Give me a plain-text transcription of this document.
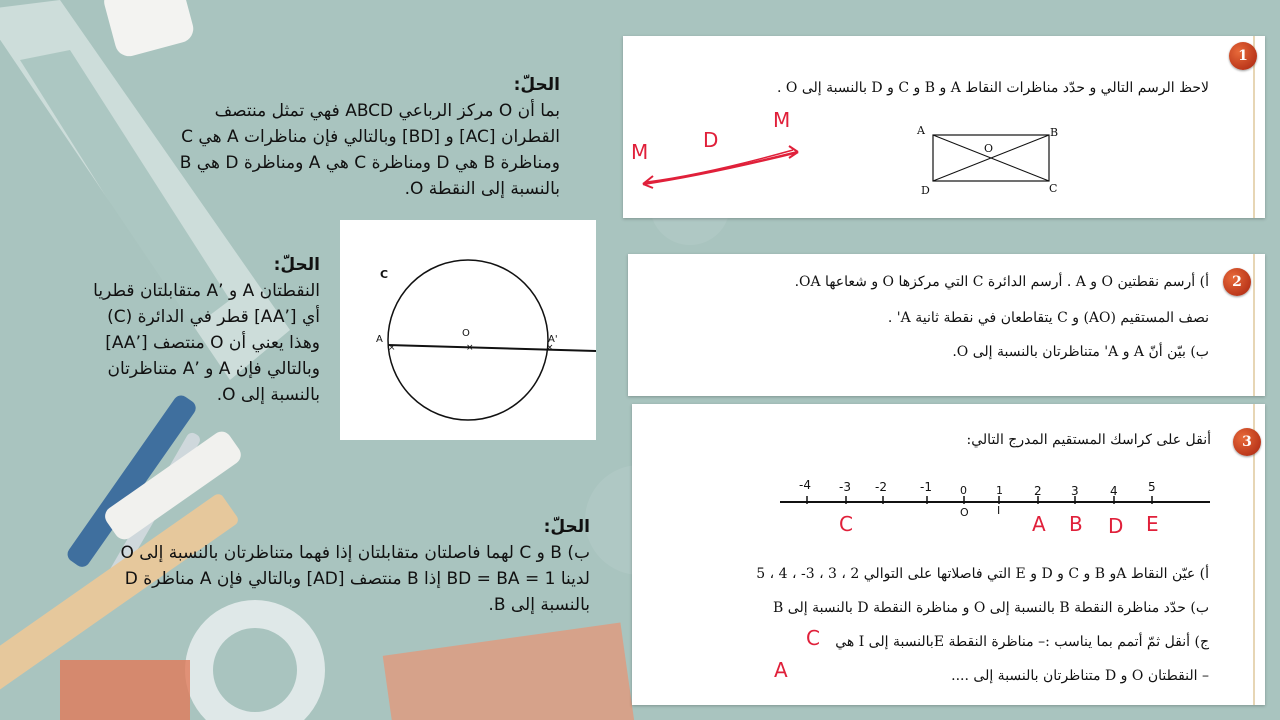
الحلّ:
بما أن O مركز الرباعي ABCD فهي تمثل منتصف
القطران [AC] و [BD] وبالتالي فإن مناظرات A هي C
ومناظرة B هي D ومناظرة C هي A ومناظرة D هي B
بالنسبة إلى النقطة O.
الحلّ:
النقطتان A و ’A متقابلتان قطريا
أي [’AA] قطر في الدائرة (C)
وهذا يعني أن O منتصف [’AA]
وبالتالي فإن A و ’A متناظرتان
بالنسبة إلى O.
×
×	×
C
O
A	A'
الحلّ:
ب) B و C لهما فاصلتان متقابلتان إذا فهما متناظرتان بالنسبة إلى O
لدينا BD = BA = 1 إذا B منتصف [AD] وبالتالي فإن A مناظرة D
بالنسبة إلى B.
1
لاحظ الرسم التالي و حدّد مناظرات النقاط A و B و C و D بالنسبة إلى O .
A	B
C
D
O
M	D
M
2
أ) أرسم نقطتين O و A . أرسم الدائرة C التي مركزها O و شعاعها OA.
نصف المستقيم (AO) و C يتقاطعان في نقطة ثانية A' .
ب) بيّن أنّ A و A' متناظرتان بالنسبة إلى O.
3
أنقل على كراسك المستقيم المدرج التالي:
-4 -3 -2	-1	0	1	2 3	4	5
O	I
C	A B D E
أ) عيّن النقاط Aو B و C و D و E التي فاصلاتها على التوالي 2 ، 3 ، 3- ، 4 ، 5
ب) حدّد مناظرة النقطة B بالنسبة إلى O و مناظرة النقطة D بالنسبة إلى B
ج) أنقل ثمّ أتمم بما يناسب :– مناظرة النقطة Eبالنسبة إلى I هي
– النقطتان O و D متناظرتان بالنسبة إلى ....
C
A
